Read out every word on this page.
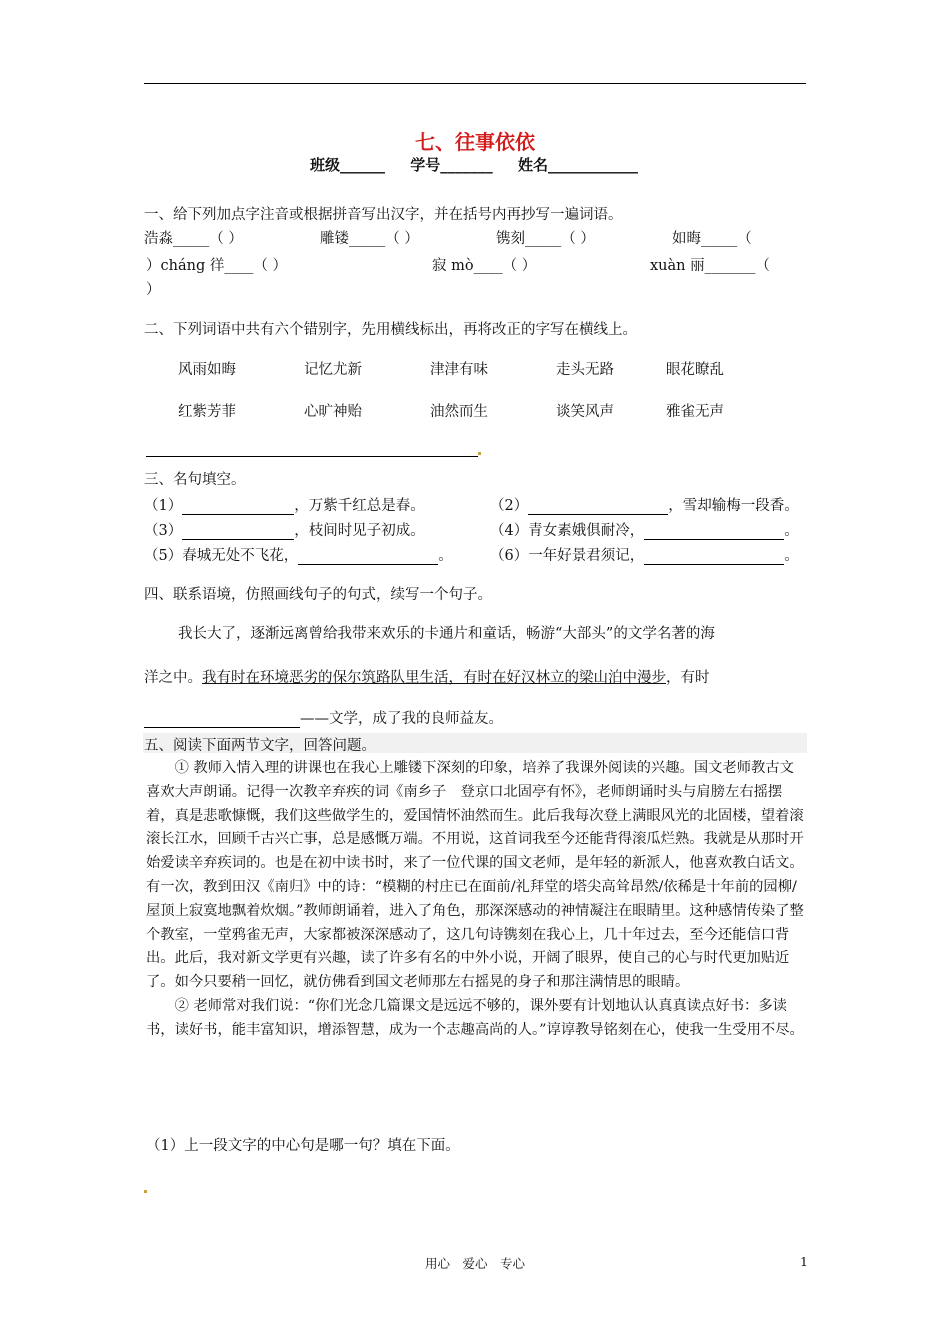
七、往事依依
班级______ 学号_______ 姓名____________
一、给下列加点字注音或根据拼音写出汉字，并在括号内再抄写一遍词语。
浩淼_____（ ）	雕镂_____（ ）	镌刻_____（ ）	如晦_____（
）cháng 徉____（ ）	寂 mò____（ ）	xuàn 丽_______（
）
二、下列词语中共有六个错别字，先用横线标出，再将改正的字写在横线上。
风雨如晦	记忆尤新	津津有味	走头无路	眼花瞭乱
红紫芳菲	心旷神贻	油然而生	谈笑风声	雅雀无声
三、名句填空。
（1）	，万紫千红总是春。	（2）	，雪却输梅一段香。
（3）	，枝间时见子初成。	（4）青女素娥俱耐冷，	。
（5）春城无处不飞花，	。	（6）一年好景君须记，	。
四、联系语境，仿照画线句子的句式，续写一个句子。
我长大了，逐渐远离曾给我带来欢乐的卡通片和童话，畅游“大部头”的文学名著的海
洋之中。我有时在环境恶劣的保尔筑路队里生活，有时在好汉林立的梁山泊中漫步，有时
——文学，成了我的良师益友。
五、阅读下面两节文字，回答问题。

① 教师入情入理的讲课也在我心上雕镂下深刻的印象，培养了我课外阅读的兴趣。国文老师教古文喜欢大声朗诵。记得一次教辛弃疾的词《南乡子　登京口北固亭有怀》，老师朗诵时头与肩膀左右摇摆着，真是悲歌慷慨，我们这些做学生的，爱国情怀油然而生。此后我每次登上满眼风光的北固楼，望着滚滚长江水，回顾千古兴亡事，总是感慨万端。不用说，这首词我至今还能背得滚瓜烂熟。我就是从那时开始爱读辛弃疾词的。也是在初中读书时，来了一位代课的国文老师，是年轻的新派人，他喜欢教白话文。有一次，教到田汉《南归》中的诗：“模糊的村庄已在面前/礼拜堂的塔尖高耸昂然/依稀是十年前的园柳/屋顶上寂寞地飘着炊烟。”教师朗诵着，进入了角色，那深深感动的神情凝注在眼睛里。这种感情传染了整个教室，一堂鸦雀无声，大家都被深深感动了，这几句诗镌刻在我心上，几十年过去，至今还能信口背出。此后，我对新文学更有兴趣，读了许多有名的中外小说，开阔了眼界，使自己的心与时代更加贴近了。如今只要稍一回忆，就仿佛看到国文老师那左右摇晃的身子和那注满情思的眼睛。

② 老师常对我们说：“你们光念几篇课文是远远不够的，课外要有计划地认认真真读点好书：多读书，读好书，能丰富知识，增添智慧，成为一个志趣高尚的人。”谆谆教导铭刻在心，使我一生受用不尽。

（1）上一段文字的中心句是哪一句？填在下面。
用心　爱心　专心	1
